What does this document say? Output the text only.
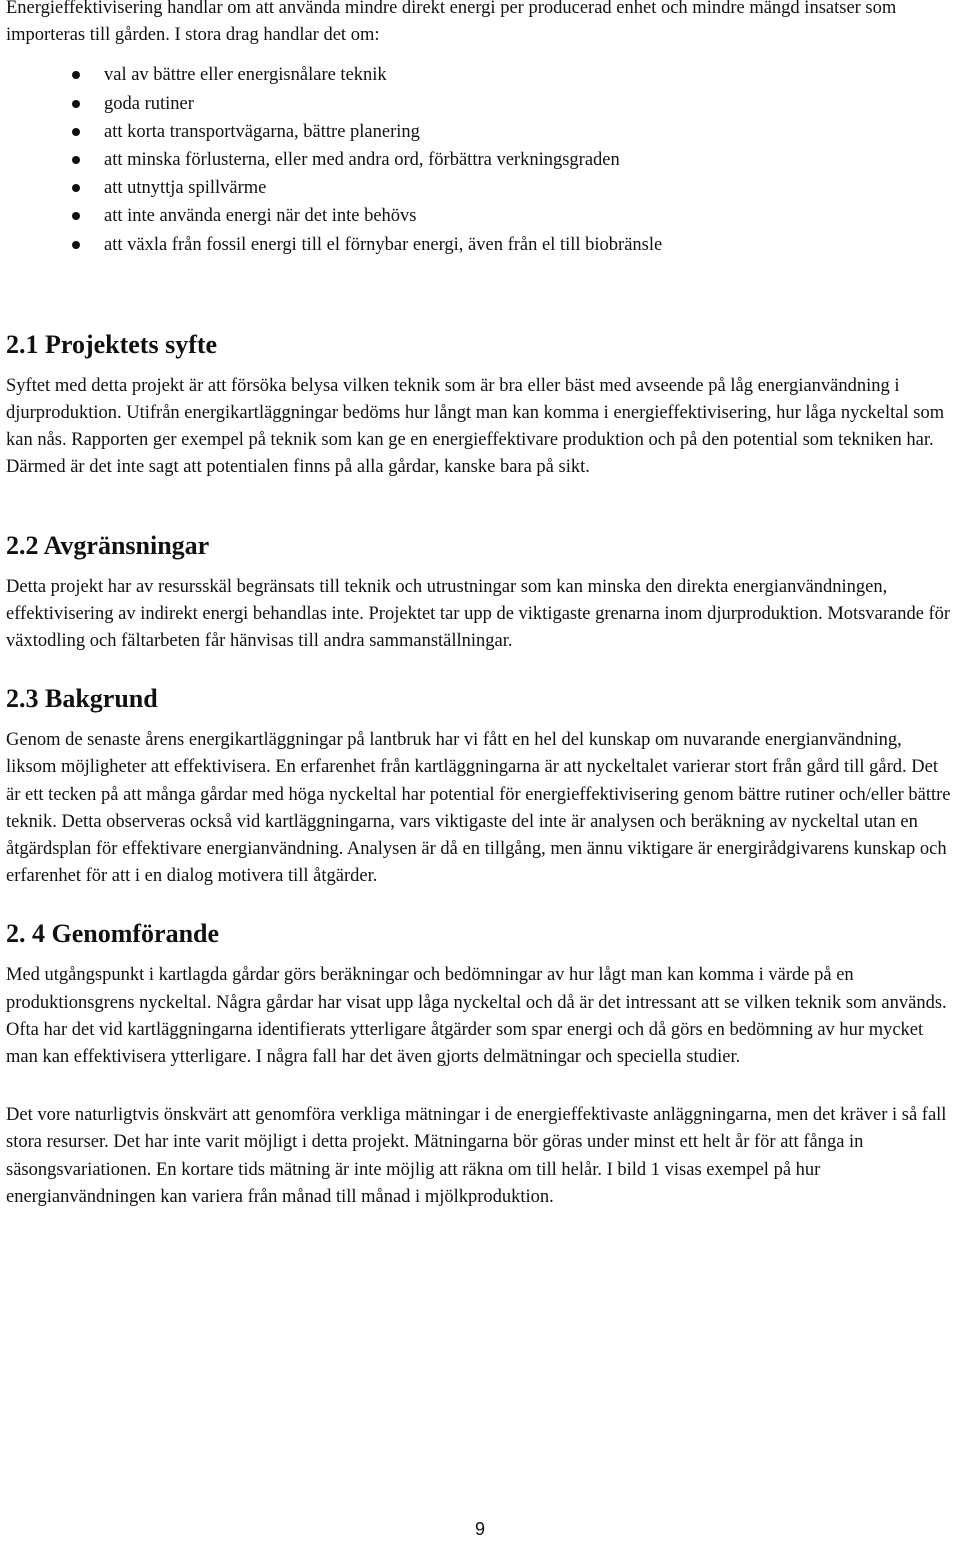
Energieffektivisering handlar om att använda mindre direkt energi per producerad enhet och mindre mängd insatser som importeras till gården. I stora drag handlar det om:

val av bättre eller energisnålare teknik
goda rutiner
att korta transportvägarna, bättre planering
att minska förlusterna, eller med andra ord, förbättra verkningsgraden
att utnyttja spillvärme
att inte använda energi när det inte behövs
att växla från fossil energi till el förnybar energi, även från el till biobränsle
2.1 Projektets syfte

Syftet med detta projekt är att försöka belysa vilken teknik som är bra eller bäst med avseende på låg energianvändning i djurproduktion. Utifrån energikartläggningar bedöms hur långt man kan komma i energieffektivisering, hur låga nyckeltal som kan nås. Rapporten ger exempel på teknik som kan ge en energieffektivare produktion och på den potential som tekniken har. Därmed är det inte sagt att potentialen finns på alla gårdar, kanske bara på sikt.

2.2 Avgränsningar

Detta projekt har av resursskäl begränsats till teknik och utrustningar som kan minska den direkta energianvändningen, effektivisering av indirekt energi behandlas inte. Projektet tar upp de viktigaste grenarna inom djurproduktion. Motsvarande för växtodling och fältarbeten får hänvisas till andra sammanställningar.

2.3 Bakgrund

Genom de senaste årens energikartläggningar på lantbruk har vi fått en hel del kunskap om nuvarande energianvändning, liksom möjligheter att effektivisera. En erfarenhet från kartläggningarna är att nyckeltalet varierar stort från gård till gård. Det är ett tecken på att många gårdar med höga nyckeltal har potential för energieffektivisering genom bättre rutiner och/eller bättre teknik. Detta observeras också vid kartläggningarna, vars viktigaste del inte är analysen och beräkning av nyckeltal utan en åtgärdsplan för effektivare energianvändning. Analysen är då en tillgång, men ännu viktigare är energirådgivarens kunskap och erfarenhet för att i en dialog motivera till åtgärder.

2. 4 Genomförande

Med utgångspunkt i kartlagda gårdar görs beräkningar och bedömningar av hur lågt man kan komma i värde på en produktionsgrens nyckeltal. Några gårdar har visat upp låga nyckeltal och då är det intressant att se vilken teknik som används. Ofta har det vid kartläggningarna identifierats ytterligare åtgärder som spar energi och då görs en bedömning av hur mycket man kan effektivisera ytterligare. I några fall har det även gjorts delmätningar och speciella studier.

Det vore naturligtvis önskvärt att genomföra verkliga mätningar i de energieffektivaste anläggningarna, men det kräver i så fall stora resurser. Det har inte varit möjligt i detta projekt. Mätningarna bör göras under minst ett helt år för att fånga in säsongsvariationen. En kortare tids mätning är inte möjlig att räkna om till helår. I bild 1 visas exempel på hur energianvändningen kan variera från månad till månad i mjölkproduktion.

9
